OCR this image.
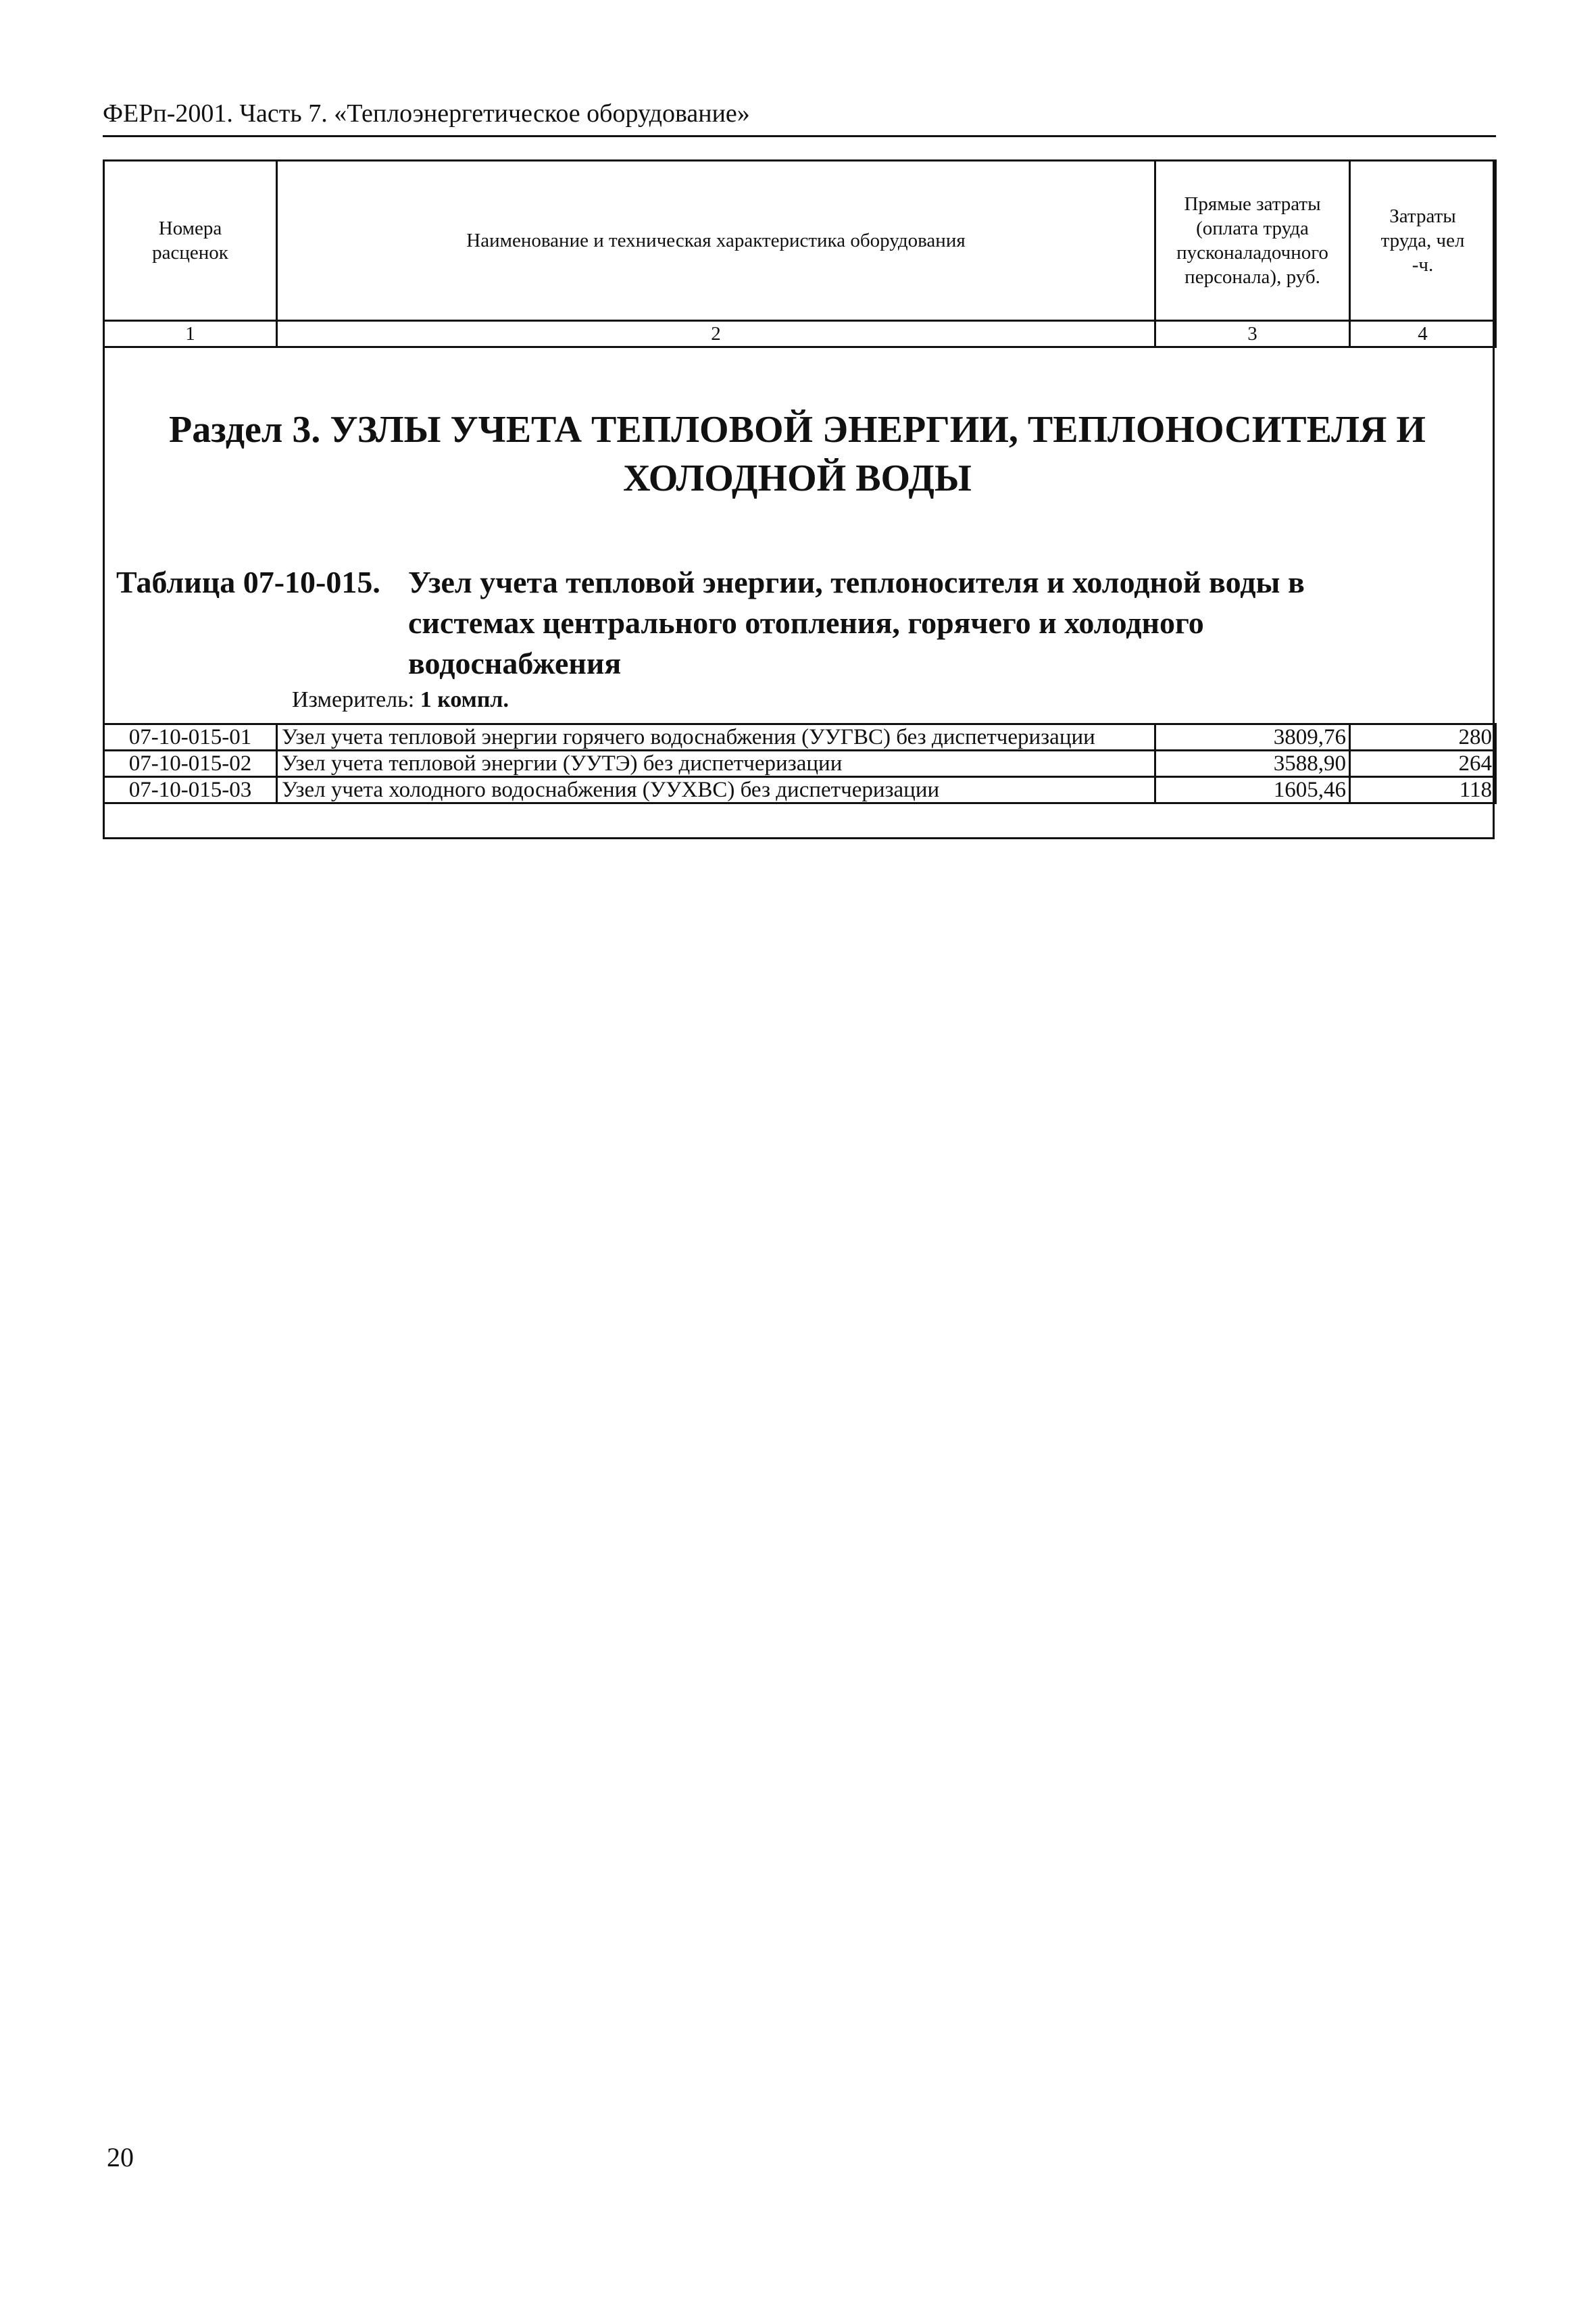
ФЕРп-2001. Часть 7. «Теплоэнергетическое оборудование»
Номера расценок	Наименование и техническая характеристика оборудования	Прямые затраты (оплата труда пусконаладочного персонала), руб.	Затраты труда, чел -ч.

1	2	3	4
Раздел 3. УЗЛЫ УЧЕТА ТЕПЛОВОЙ ЭНЕРГИИ, ТЕПЛОНОСИТЕЛЯ И ХОЛОДНОЙ ВОДЫ
Таблица 07-10-015. Узел учета тепловой энергии, теплоносителя и холодной воды в системах центрального отопления, горячего и холодного водоснабжения
Измеритель: 1 компл.
07-10-015-01	Узел учета тепловой энергии горячего водоснабжения (УУГВС) без диспетчеризации	3809,76	280
07-10-015-02	Узел учета тепловой энергии (УУТЭ) без диспетчеризации	3588,90	264
07-10-015-03	Узел учета холодного водоснабжения (УУХВС) без диспетчеризации	1605,46	118
20
